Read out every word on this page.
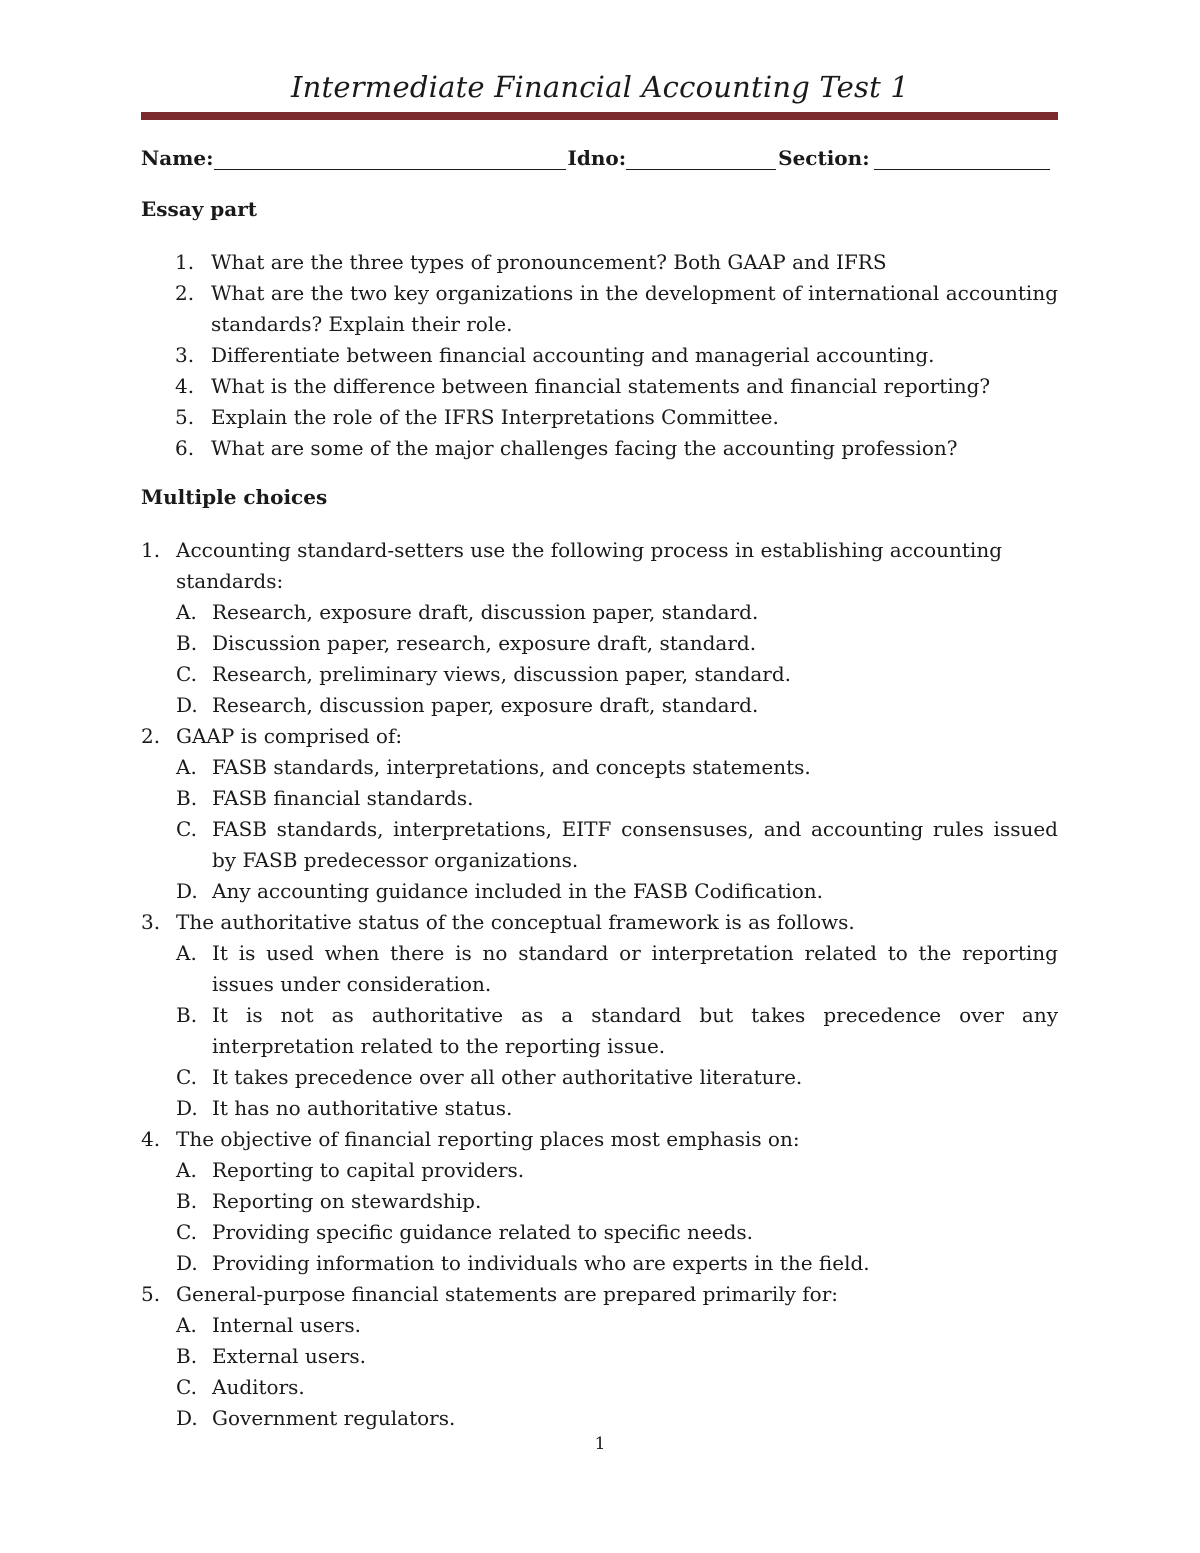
Intermediate Financial Accounting Test 1
Name:	Idno:	Section:
Essay part
1. What are the three types of pronouncement? Both GAAP and IFRS
2. What are the two key organizations in the development of international accounting standards? Explain their role.
3. Differentiate between financial accounting and managerial accounting.
4. What is the difference between financial statements and financial reporting?
5. Explain the role of the IFRS Interpretations Committee.
6. What are some of the major challenges facing the accounting profession?
Multiple choices
1. Accounting standard-setters use the following process in establishing accounting standards:
A. Research, exposure draft, discussion paper, standard.
B. Discussion paper, research, exposure draft, standard.
C. Research, preliminary views, discussion paper, standard.
D. Research, discussion paper, exposure draft, standard.
2. GAAP is comprised of:
A. FASB standards, interpretations, and concepts statements.
B. FASB financial standards.
C. FASB standards, interpretations, EITF consensuses, and accounting rules issued by FASB predecessor organizations.
D. Any accounting guidance included in the FASB Codification.
3. The authoritative status of the conceptual framework is as follows.
A. It is used when there is no standard or interpretation related to the reporting issues under consideration.
B. It is not as authoritative as a standard but takes precedence over any interpretation related to the reporting issue.
C. It takes precedence over all other authoritative literature.
D. It has no authoritative status.
4. The objective of financial reporting places most emphasis on:
A. Reporting to capital providers.
B. Reporting on stewardship.
C. Providing specific guidance related to specific needs.
D. Providing information to individuals who are experts in the field.
5. General-purpose financial statements are prepared primarily for:
A. Internal users.
B. External users.
C. Auditors.
D. Government regulators.
1
